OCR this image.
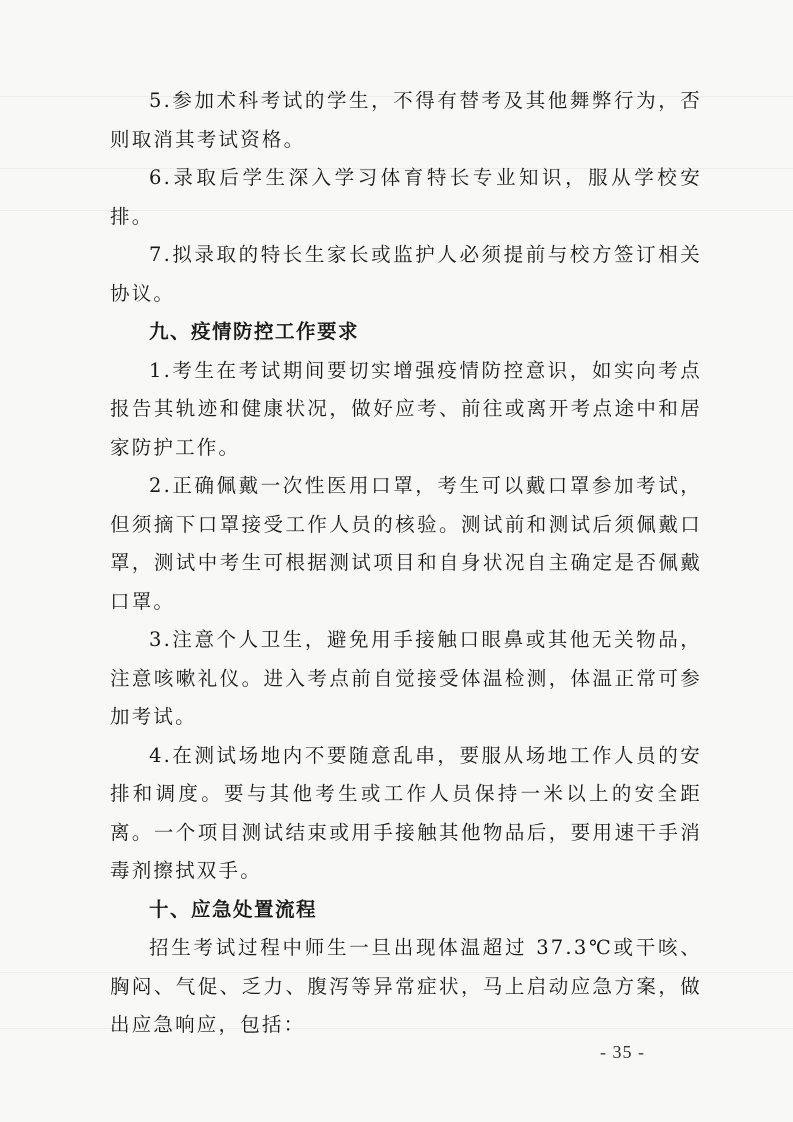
5.参加术科考试的学生，不得有替考及其他舞弊行为，否则取消其考试资格。

6.录取后学生深入学习体育特长专业知识，服从学校安排。

7.拟录取的特长生家长或监护人必须提前与校方签订相关协议。

九、疫情防控工作要求

1.考生在考试期间要切实增强疫情防控意识，如实向考点报告其轨迹和健康状况，做好应考、前往或离开考点途中和居家防护工作。

2.正确佩戴一次性医用口罩，考生可以戴口罩参加考试，但须摘下口罩接受工作人员的核验。测试前和测试后须佩戴口罩，测试中考生可根据测试项目和自身状况自主确定是否佩戴口罩。

3.注意个人卫生，避免用手接触口眼鼻或其他无关物品，注意咳嗽礼仪。进入考点前自觉接受体温检测，体温正常可参加考试。

4.在测试场地内不要随意乱串，要服从场地工作人员的安排和调度。要与其他考生或工作人员保持一米以上的安全距离。一个项目测试结束或用手接触其他物品后，要用速干手消毒剂擦拭双手。

十、应急处置流程

招生考试过程中师生一旦出现体温超过 37.3℃或干咳、胸闷、气促、乏力、腹泻等异常症状，马上启动应急方案，做出应急响应，包括：

- 35 -
